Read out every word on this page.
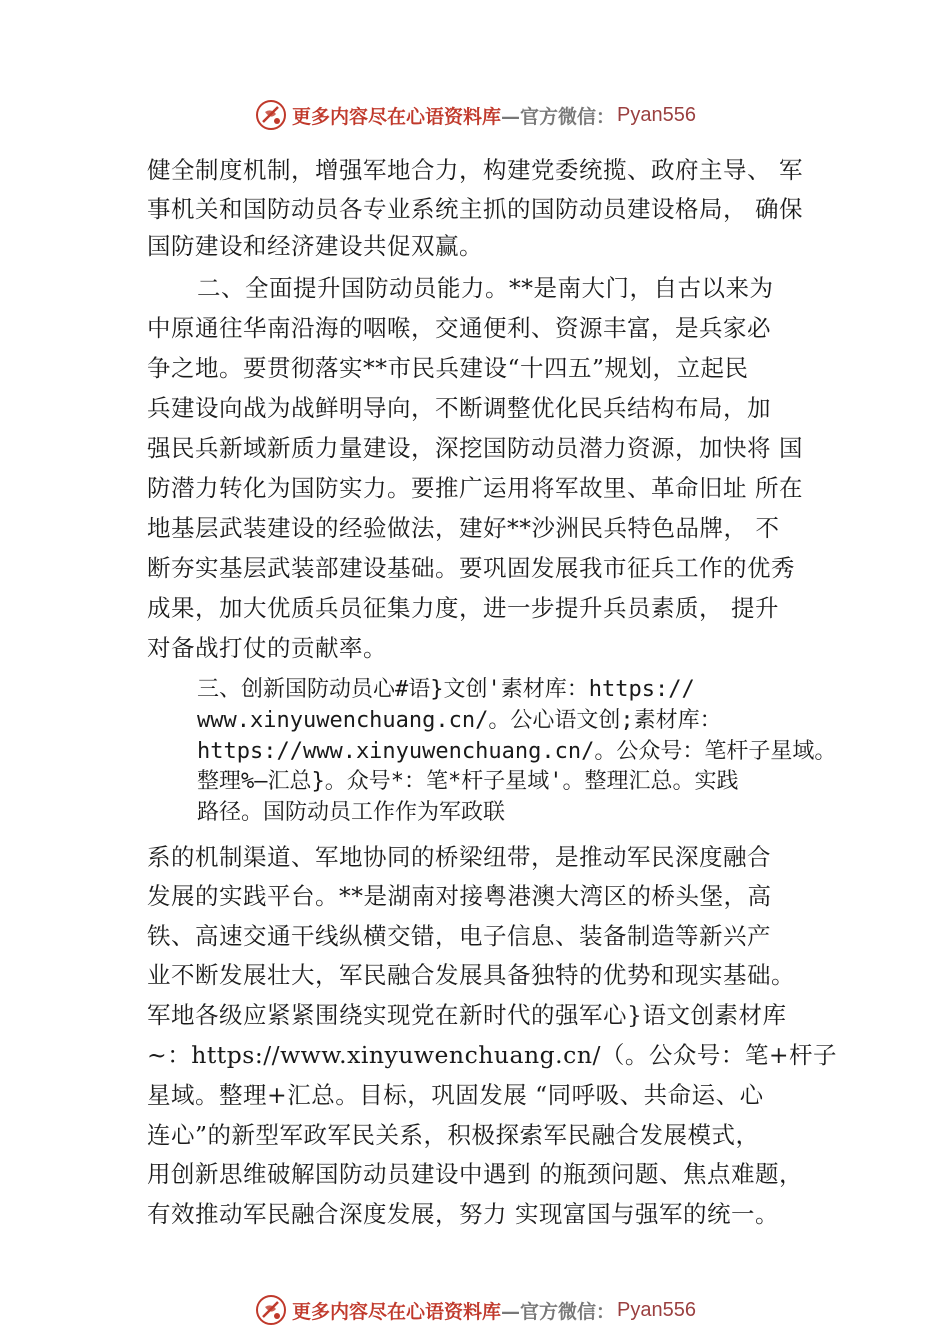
更多内容尽在心语资料库 —官方微信： Pyan556
健全制度机制，增强军地合力，构建党委统揽、政府主导、 军
事机关和国防动员各专业系统主抓的国防动员建设格局， 确保
国防建设和经济建设共促双赢。
二、全面提升国防动员能力。**是南大门，自古以来为
中原通往华南沿海的咽喉，交通便利、资源丰富，是兵家必
争之地。要贯彻落实**市民兵建设“十四五”规划，立起民
兵建设向战为战鲜明导向，不断调整优化民兵结构布局，加
强民兵新域新质力量建设，深挖国防动员潜力资源，加快将 国
防潜力转化为国防实力。要推广运用将军故里、革命旧址 所在
地基层武装建设的经验做法，建好**沙洲民兵特色品牌， 不
断夯实基层武装部建设基础。要巩固发展我市征兵工作的优秀
成果，加大优质兵员征集力度，进一步提升兵员素质， 提升
对备战打仗的贡献率。
三、创新国防动员心#语}文创'素材库：https://
www.xinyuwenchuang.cn/。公心语文创;素材库：
https://www.xinyuwenchuang.cn/。公众号：笔杆子星域。
整理%—汇总}。众号*：笔*杆子星域'。整理汇总。实践
路径。国防动员工作作为军政联
系的机制渠道、军地协同的桥梁纽带，是推动军民深度融合
发展的实践平台。**是湖南对接粤港澳大湾区的桥头堡，高
铁、高速交通干线纵横交错，电子信息、装备制造等新兴产
业不断发展壮大，军民融合发展具备独特的优势和现实基础。
军地各级应紧紧围绕实现党在新时代的强军心}语文创素材库
~：https://www.xinyuwenchuang.cn/（。公众号：笔+杆子
星域。整理+汇总。目标，巩固发展 “同呼吸、共命运、心
连心”的新型军政军民关系，积极探索军民融合发展模式，
用创新思维破解国防动员建设中遇到 的瓶颈问题、焦点难题，
有效推动军民融合深度发展，努力 实现富国与强军的统一。
更多内容尽在心语资料库 —官方微信： Pyan556
